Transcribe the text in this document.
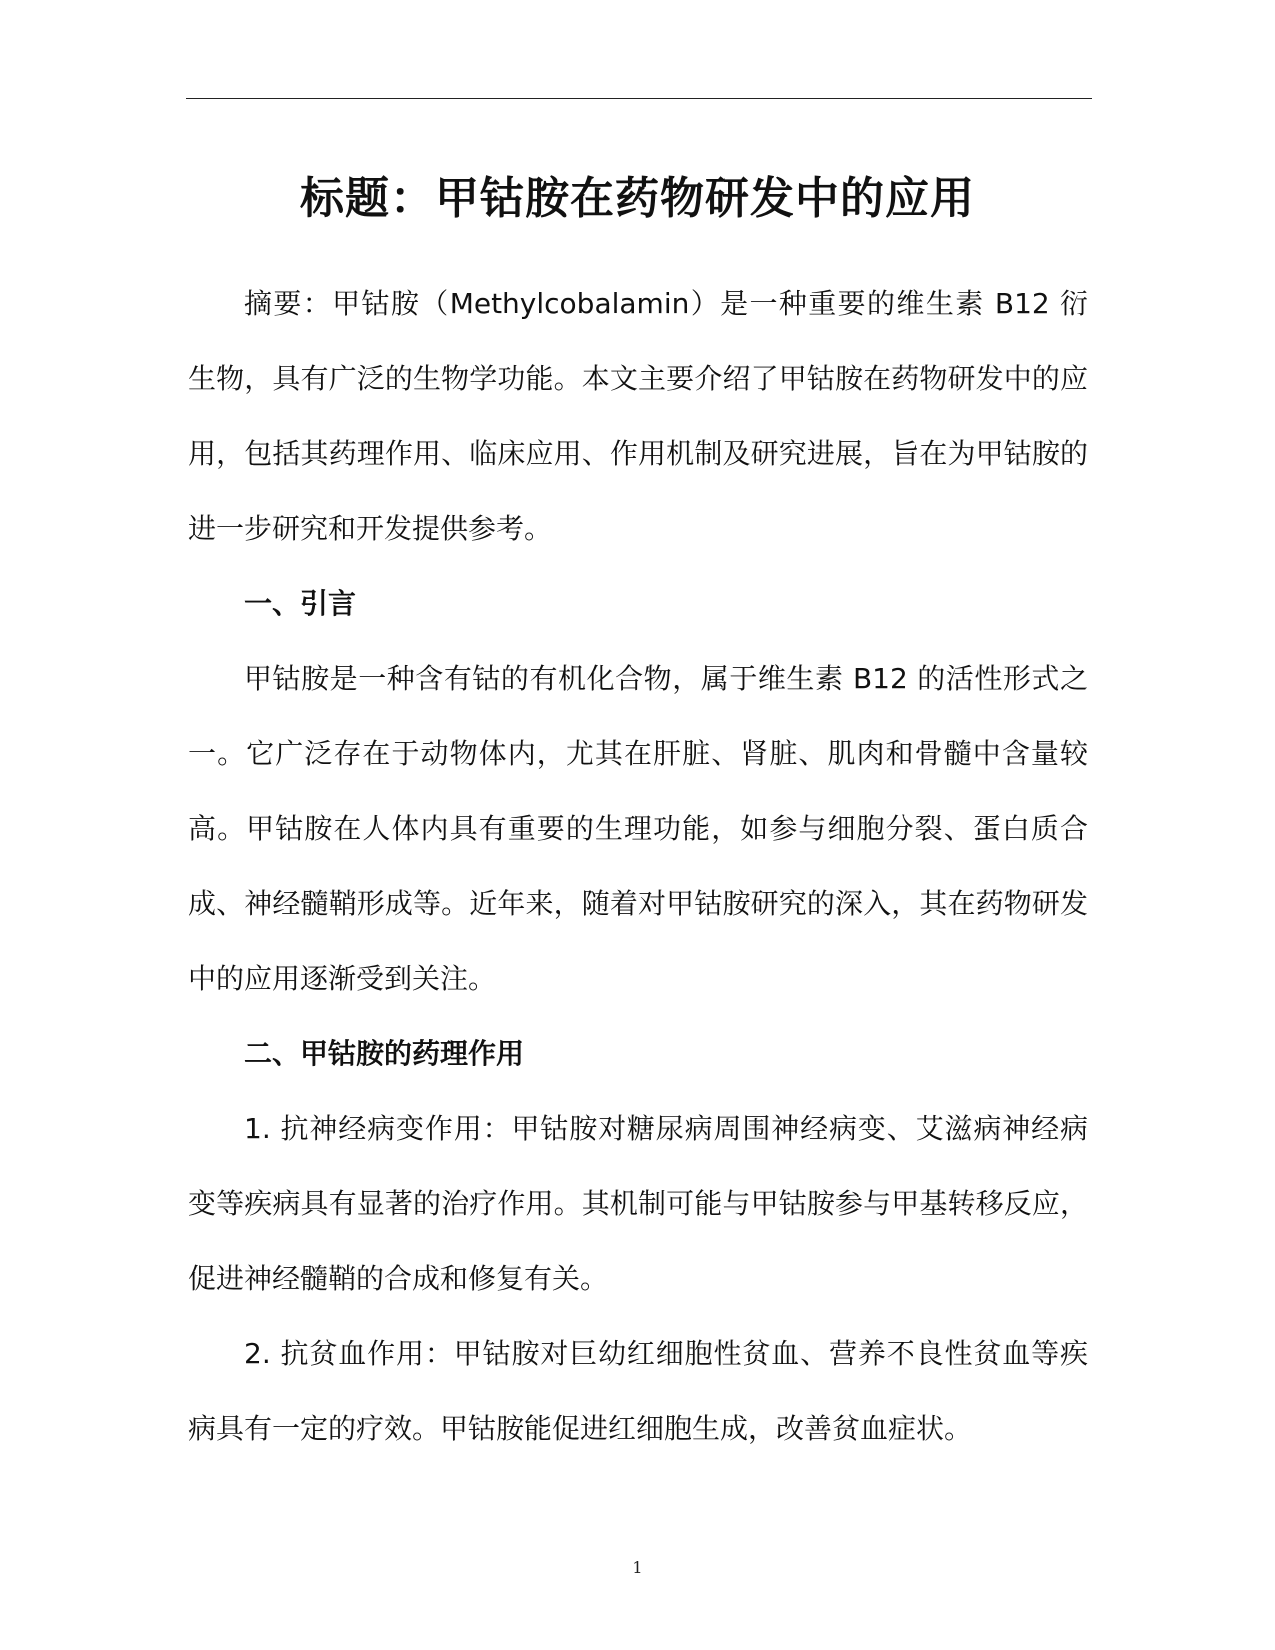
标题：甲钴胺在药物研发中的应用

摘要：甲钴胺（Methylcobalamin）是一种重要的维生素 B12 衍生物，具有广泛的生物学功能。本文主要介绍了甲钴胺在药物研发中的应用，包括其药理作用、临床应用、作用机制及研究进展，旨在为甲钴胺的进一步研究和开发提供参考。

一、引言

甲钴胺是一种含有钴的有机化合物，属于维生素 B12 的活性形式之一。它广泛存在于动物体内，尤其在肝脏、肾脏、肌肉和骨髓中含量较高。甲钴胺在人体内具有重要的生理功能，如参与细胞分裂、蛋白质合成、神经髓鞘形成等。近年来，随着对甲钴胺研究的深入，其在药物研发中的应用逐渐受到关注。

二、甲钴胺的药理作用

1. 抗神经病变作用：甲钴胺对糖尿病周围神经病变、艾滋病神经病变等疾病具有显著的治疗作用。其机制可能与甲钴胺参与甲基转移反应，促进神经髓鞘的合成和修复有关。

2. 抗贫血作用：甲钴胺对巨幼红细胞性贫血、营养不良性贫血等疾病具有一定的疗效。甲钴胺能促进红细胞生成，改善贫血症状。

1
